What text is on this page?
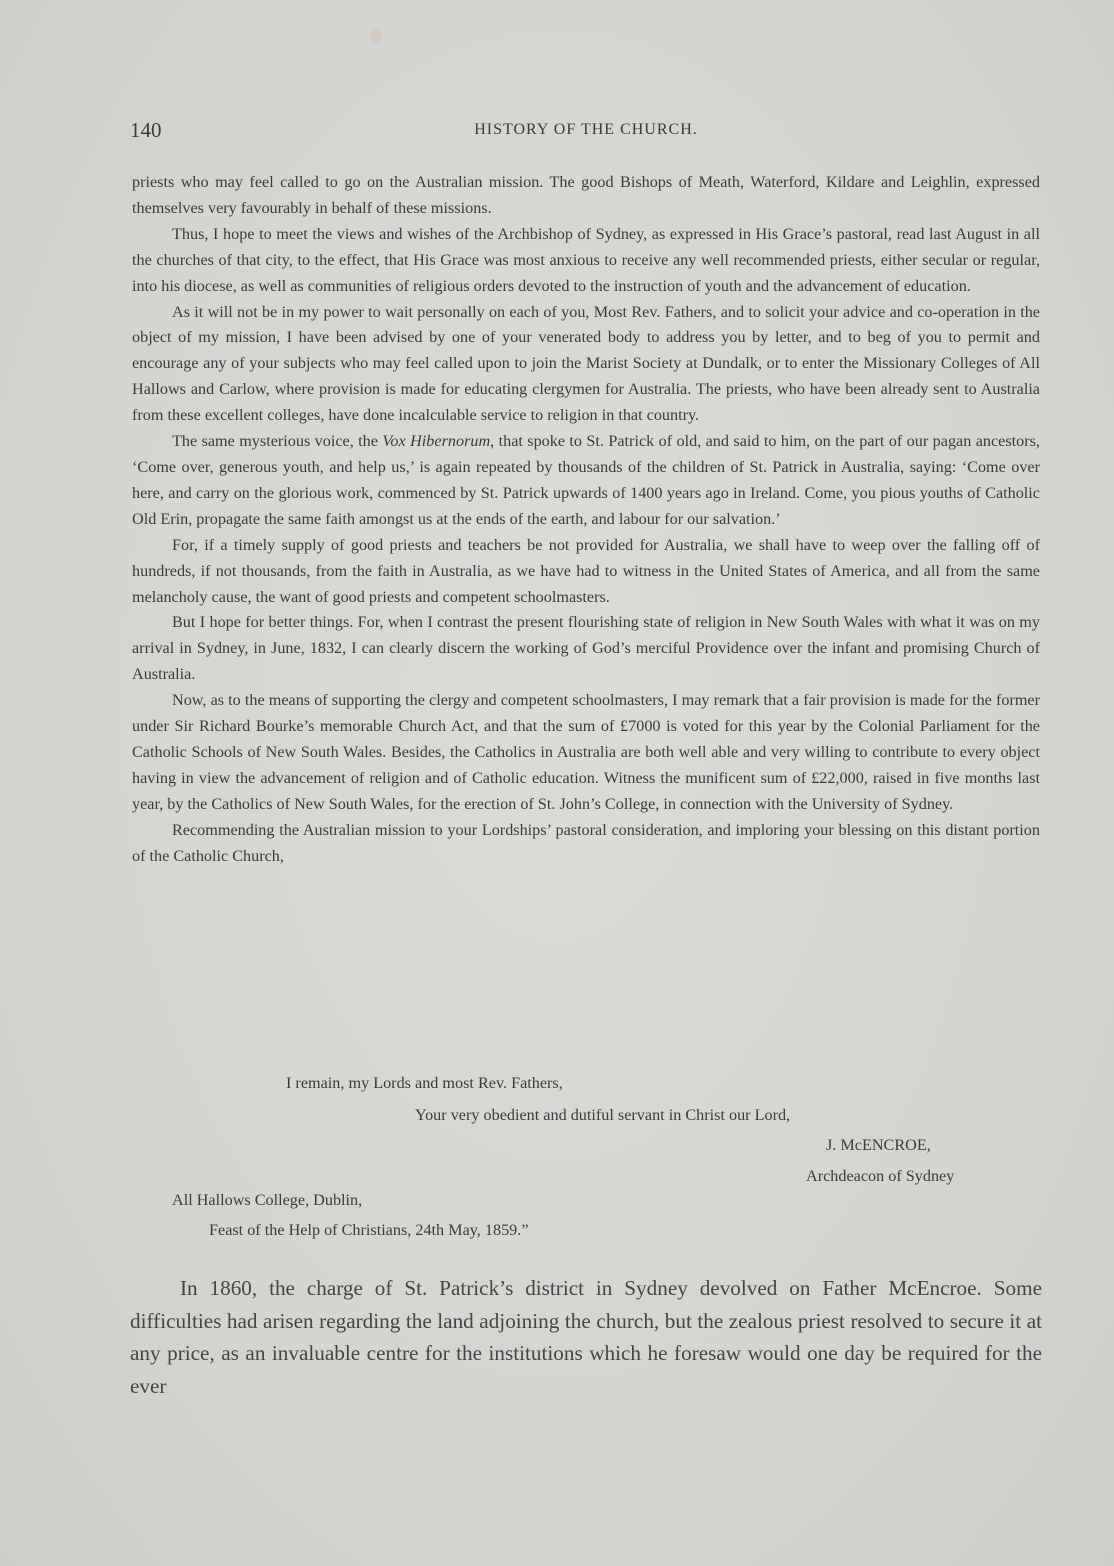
140	HISTORY OF THE CHURCH.

priests who may feel called to go on the Australian mission. The good Bishops of Meath, Waterford, Kildare and Leighlin, expressed themselves very favourably in behalf of these missions.

Thus, I hope to meet the views and wishes of the Archbishop of Sydney, as expressed in His Grace’s pastoral, read last August in all the churches of that city, to the effect, that His Grace was most anxious to receive any well recommended priests, either secular or regular, into his diocese, as well as communities of religious orders devoted to the instruction of youth and the advancement of education.

As it will not be in my power to wait personally on each of you, Most Rev. Fathers, and to solicit your advice and co-operation in the object of my mission, I have been advised by one of your venerated body to address you by letter, and to beg of you to permit and encourage any of your subjects who may feel called upon to join the Marist Society at Dundalk, or to enter the Missionary Colleges of All Hallows and Carlow, where provision is made for educating clergymen for Australia. The priests, who have been already sent to Australia from these excellent colleges, have done incalculable service to religion in that country.

The same mysterious voice, the Vox Hibernorum, that spoke to St. Patrick of old, and said to him, on the part of our pagan ancestors, ‘Come over, generous youth, and help us,’ is again repeated by thousands of the children of St. Patrick in Australia, saying: ‘Come over here, and carry on the glorious work, commenced by St. Patrick upwards of 1400 years ago in Ireland. Come, you pious youths of Catholic Old Erin, propagate the same faith amongst us at the ends of the earth, and labour for our salvation.’

For, if a timely supply of good priests and teachers be not provided for Australia, we shall have to weep over the falling off of hundreds, if not thousands, from the faith in Australia, as we have had to witness in the United States of America, and all from the same melancholy cause, the want of good priests and competent schoolmasters.

But I hope for better things. For, when I contrast the present flourishing state of religion in New South Wales with what it was on my arrival in Sydney, in June, 1832, I can clearly discern the working of God’s merciful Providence over the infant and promising Church of Australia.

Now, as to the means of supporting the clergy and competent schoolmasters, I may remark that a fair provision is made for the former under Sir Richard Bourke’s memorable Church Act, and that the sum of £7000 is voted for this year by the Colonial Parliament for the Catholic Schools of New South Wales. Besides, the Catholics in Australia are both well able and very willing to contribute to every object having in view the advancement of religion and of Catholic education. Witness the munificent sum of £22,000, raised in five months last year, by the Catholics of New South Wales, for the erection of St. John’s College, in connection with the University of Sydney.

Recommending the Australian mission to your Lordships’ pastoral consideration, and imploring your blessing on this distant portion of the Catholic Church,

I remain, my Lords and most Rev. Fathers,
Your very obedient and dutiful servant in Christ our Lord,
J. McENCROE,
Archdeacon of Sydney
All Hallows College, Dublin,
Feast of the Help of Christians, 24th May, 1859.”

In 1860, the charge of St. Patrick’s district in Sydney devolved on Father McEncroe. Some difficulties had arisen regarding the land adjoining the church, but the zealous priest resolved to secure it at any price, as an invaluable centre for the institutions which he foresaw would one day be required for the ever
